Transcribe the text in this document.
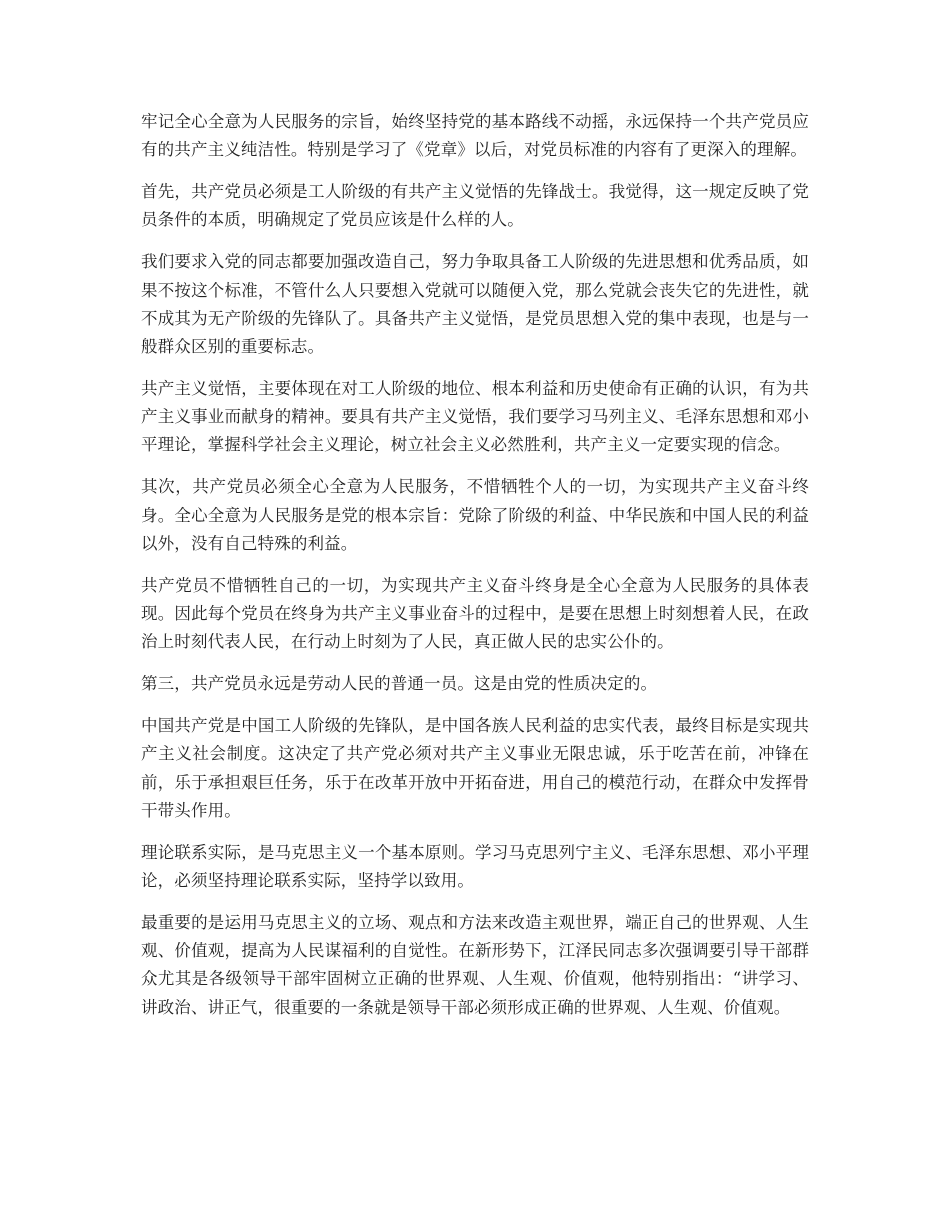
牢记全心全意为人民服务的宗旨，始终坚持党的基本路线不动摇，永远保持一个共产党员应有的共产主义纯洁性。特别是学习了《党章》以后，对党员标准的内容有了更深入的理解。

首先，共产党员必须是工人阶级的有共产主义觉悟的先锋战士。我觉得，这一规定反映了党员条件的本质，明确规定了党员应该是什么样的人。

我们要求入党的同志都要加强改造自己，努力争取具备工人阶级的先进思想和优秀品质，如果不按这个标准，不管什么人只要想入党就可以随便入党，那么党就会丧失它的先进性，就不成其为无产阶级的先锋队了。具备共产主义觉悟，是党员思想入党的集中表现，也是与一般群众区别的重要标志。

共产主义觉悟，主要体现在对工人阶级的地位、根本利益和历史使命有正确的认识，有为共产主义事业而献身的精神。要具有共产主义觉悟，我们要学习马列主义、毛泽东思想和邓小平理论，掌握科学社会主义理论，树立社会主义必然胜利，共产主义一定要实现的信念。

其次，共产党员必须全心全意为人民服务，不惜牺牲个人的一切，为实现共产主义奋斗终身。全心全意为人民服务是党的根本宗旨：党除了阶级的利益、中华民族和中国人民的利益以外，没有自己特殊的利益。

共产党员不惜牺牲自己的一切，为实现共产主义奋斗终身是全心全意为人民服务的具体表现。因此每个党员在终身为共产主义事业奋斗的过程中，是要在思想上时刻想着人民，在政治上时刻代表人民，在行动上时刻为了人民，真正做人民的忠实公仆的。

第三，共产党员永远是劳动人民的普通一员。这是由党的性质决定的。

中国共产党是中国工人阶级的先锋队，是中国各族人民利益的忠实代表，最终目标是实现共产主义社会制度。这决定了共产党必须对共产主义事业无限忠诚，乐于吃苦在前，冲锋在前，乐于承担艰巨任务，乐于在改革开放中开拓奋进，用自己的模范行动，在群众中发挥骨干带头作用。

理论联系实际，是马克思主义一个基本原则。学习马克思列宁主义、毛泽东思想、邓小平理论，必须坚持理论联系实际，坚持学以致用。

最重要的是运用马克思主义的立场、观点和方法来改造主观世界，端正自己的世界观、人生观、价值观，提高为人民谋福利的自觉性。在新形势下，江泽民同志多次强调要引导干部群众尤其是各级领导干部牢固树立正确的世界观、人生观、价值观，他特别指出：“讲学习、讲政治、讲正气，很重要的一条就是领导干部必须形成正确的世界观、人生观、价值观。
